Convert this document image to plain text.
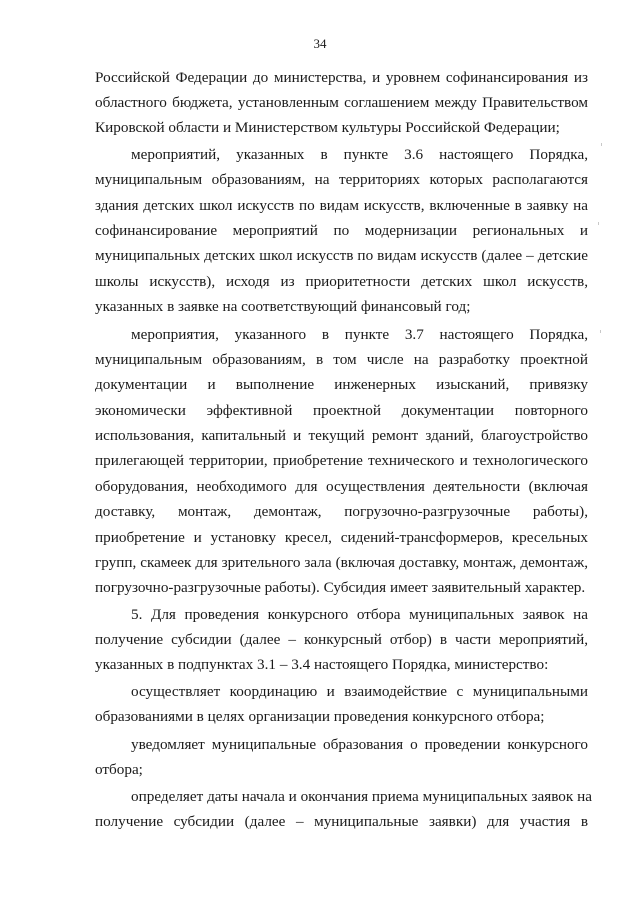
34
Российской Федерации до министерства, и уровнем софинансирования из
областного бюджета, установленным соглашением между Правительством
Кировской области и Министерством культуры Российской Федерации;
мероприятий, указанных в пункте 3.6 настоящего Порядка,
муниципальным образованиям, на территориях которых располагаются
здания детских школ искусств по видам искусств, включенные в заявку на
софинансирование мероприятий по модернизации региональных и
муниципальных детских школ искусств по видам искусств (далее – детские
школы искусств), исходя из приоритетности детских школ искусств,
указанных в заявке на соответствующий финансовый год;
мероприятия, указанного в пункте 3.7 настоящего Порядка,
муниципальным образованиям, в том числе на разработку проектной
документации и выполнение инженерных изысканий, привязку
экономически эффективной проектной документации повторного
использования, капитальный и текущий ремонт зданий, благоустройство
прилегающей территории, приобретение технического и технологического
оборудования, необходимого для осуществления деятельности (включая
доставку, монтаж, демонтаж, погрузочно-разгрузочные работы),
приобретение и установку кресел, сидений-трансформеров, кресельных
групп, скамеек для зрительного зала (включая доставку, монтаж, демонтаж,
погрузочно-разгрузочные работы). Субсидия имеет заявительный характер.
5. Для проведения конкурсного отбора муниципальных заявок на
получение субсидии (далее – конкурсный отбор) в части мероприятий,
указанных в подпунктах 3.1 – 3.4 настоящего Порядка, министерство:
осуществляет координацию и взаимодействие с муниципальными
образованиями в целях организации проведения конкурсного отбора;
уведомляет муниципальные образования о проведении конкурсного
отбора;
определяет даты начала и окончания приема муниципальных заявок на
получение субсидии (далее – муниципальные заявки) для участия в
